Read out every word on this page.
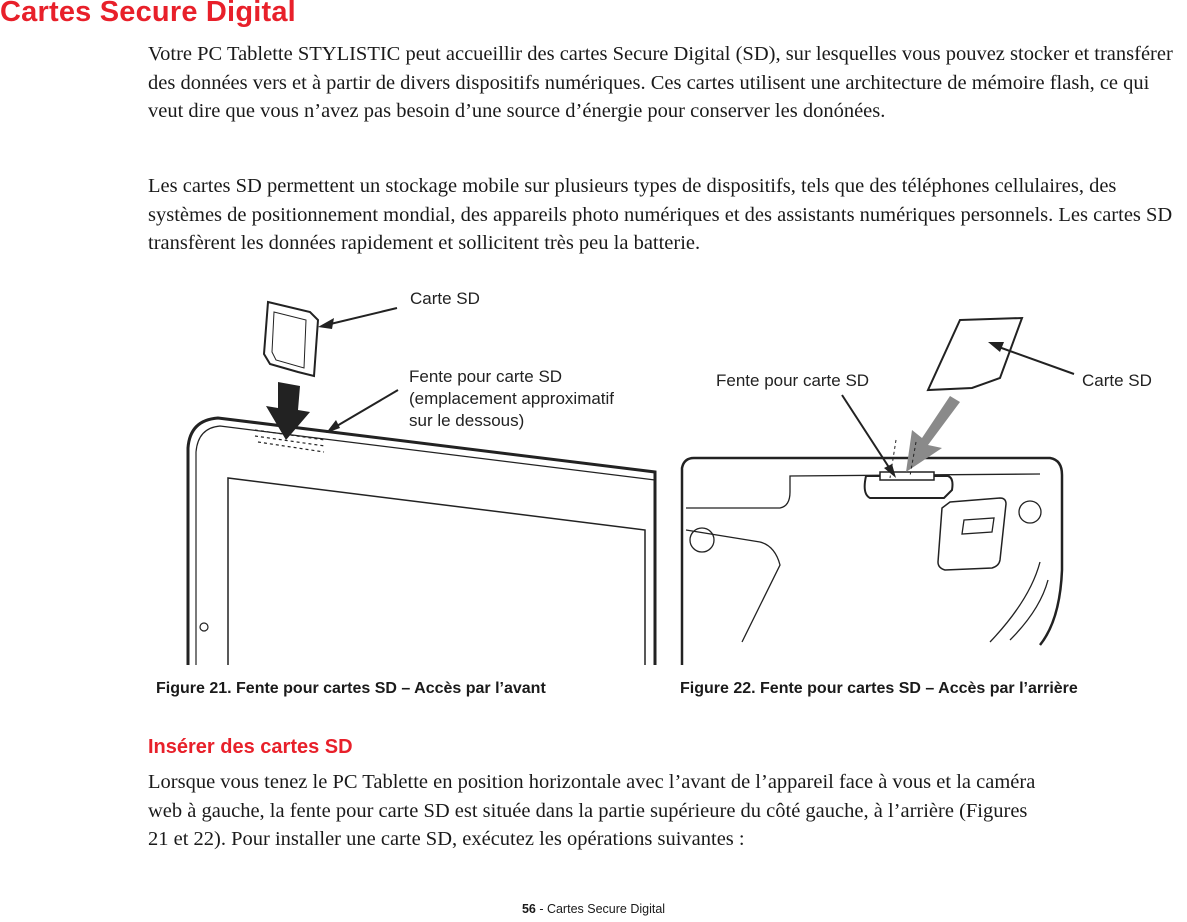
Cartes Secure Digital
Votre PC Tablette STYLISTIC peut accueillir des cartes Secure Digital (SD), sur lesquelles vous pouvez stocker et transférer des données vers et à partir de divers dispositifs numériques. Ces cartes utilisent une architecture de mémoire flash, ce qui veut dire que vous n’avez pas besoin d’une source d’énergie pour conserver les donónées.
Les cartes SD permettent un stockage mobile sur plusieurs types de dispositifs, tels que des téléphones cellulaires, des systèmes de positionnement mondial, des appareils photo numériques et des assistants numériques personnels. Les cartes SD transfèrent les données rapidement et sollicitent très peu la batterie.
Carte SD
Fente pour carte SD
(emplacement approximatif
sur le dessous)
Fente pour carte SD	Carte SD
Figure 21. Fente pour cartes SD – Accès par l’avant	Figure 22. Fente pour cartes SD – Accès par l’arrière
Insérer des cartes SD
Lorsque vous tenez le PC Tablette en position horizontale avec l’avant de l’appareil face à vous et la caméra web à gauche, la fente pour carte SD est située dans la partie supérieure du côté gauche, à l’arrière (Figures 21 et 22). Pour installer une carte SD, exécutez les opérations suivantes :
56 - Cartes Secure Digital
